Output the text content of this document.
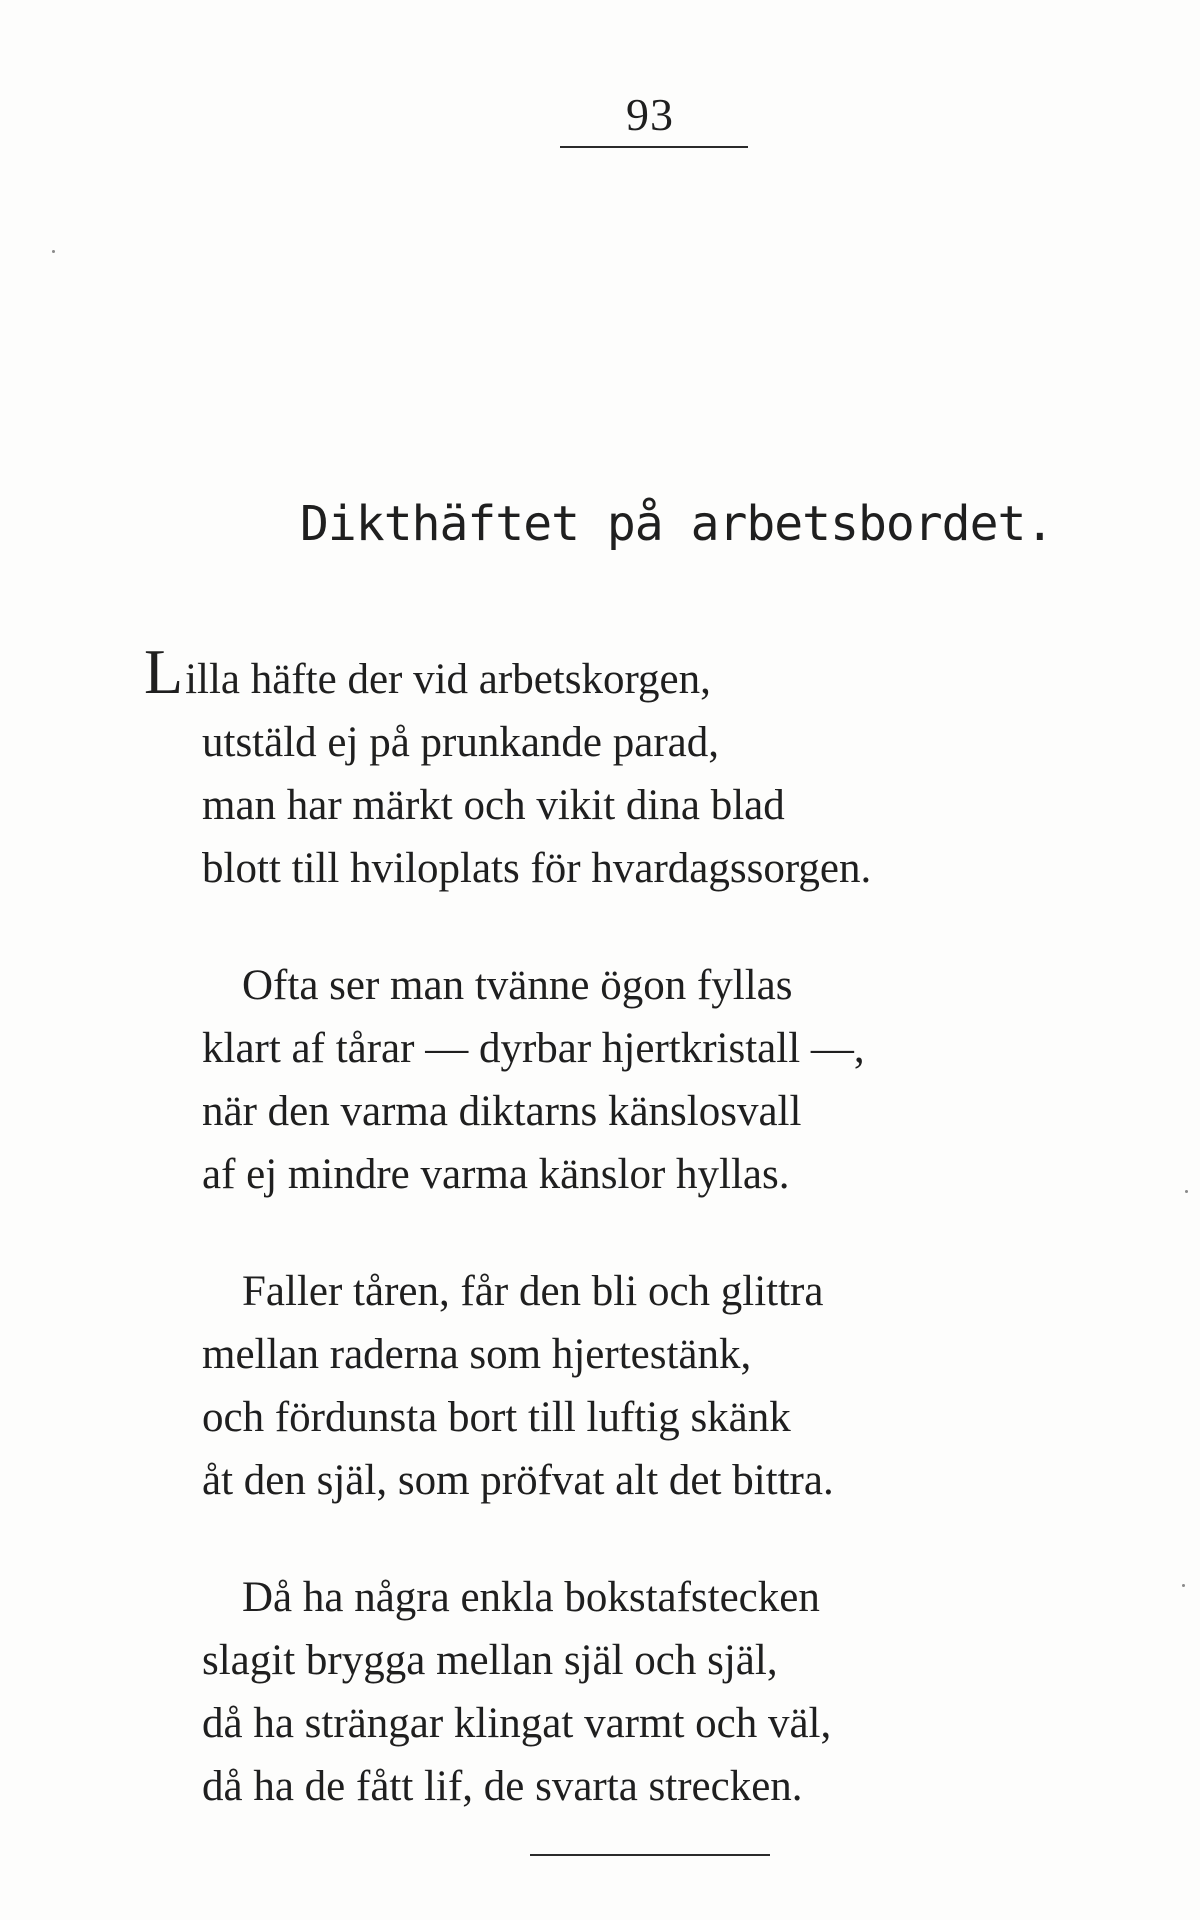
93
Dikthäftet på arbetsbordet.
Lilla häfte der vid arbetskorgen,
utstäld ej på prunkande parad,
man har märkt och vikit dina blad
blott till hviloplats för hvardagssorgen.
Ofta ser man tvänne ögon fyllas
klart af tårar — dyrbar hjertkristall —,
när den varma diktarns känslosvall
af ej mindre varma känslor hyllas.
Faller tåren, får den bli och glittra
mellan raderna som hjertestänk,
och fördunsta bort till luftig skänk
åt den själ, som pröfvat alt det bittra.
Då ha några enkla bokstafstecken
slagit brygga mellan själ och själ,
då ha strängar klingat varmt och väl,
då ha de fått lif, de svarta strecken.
